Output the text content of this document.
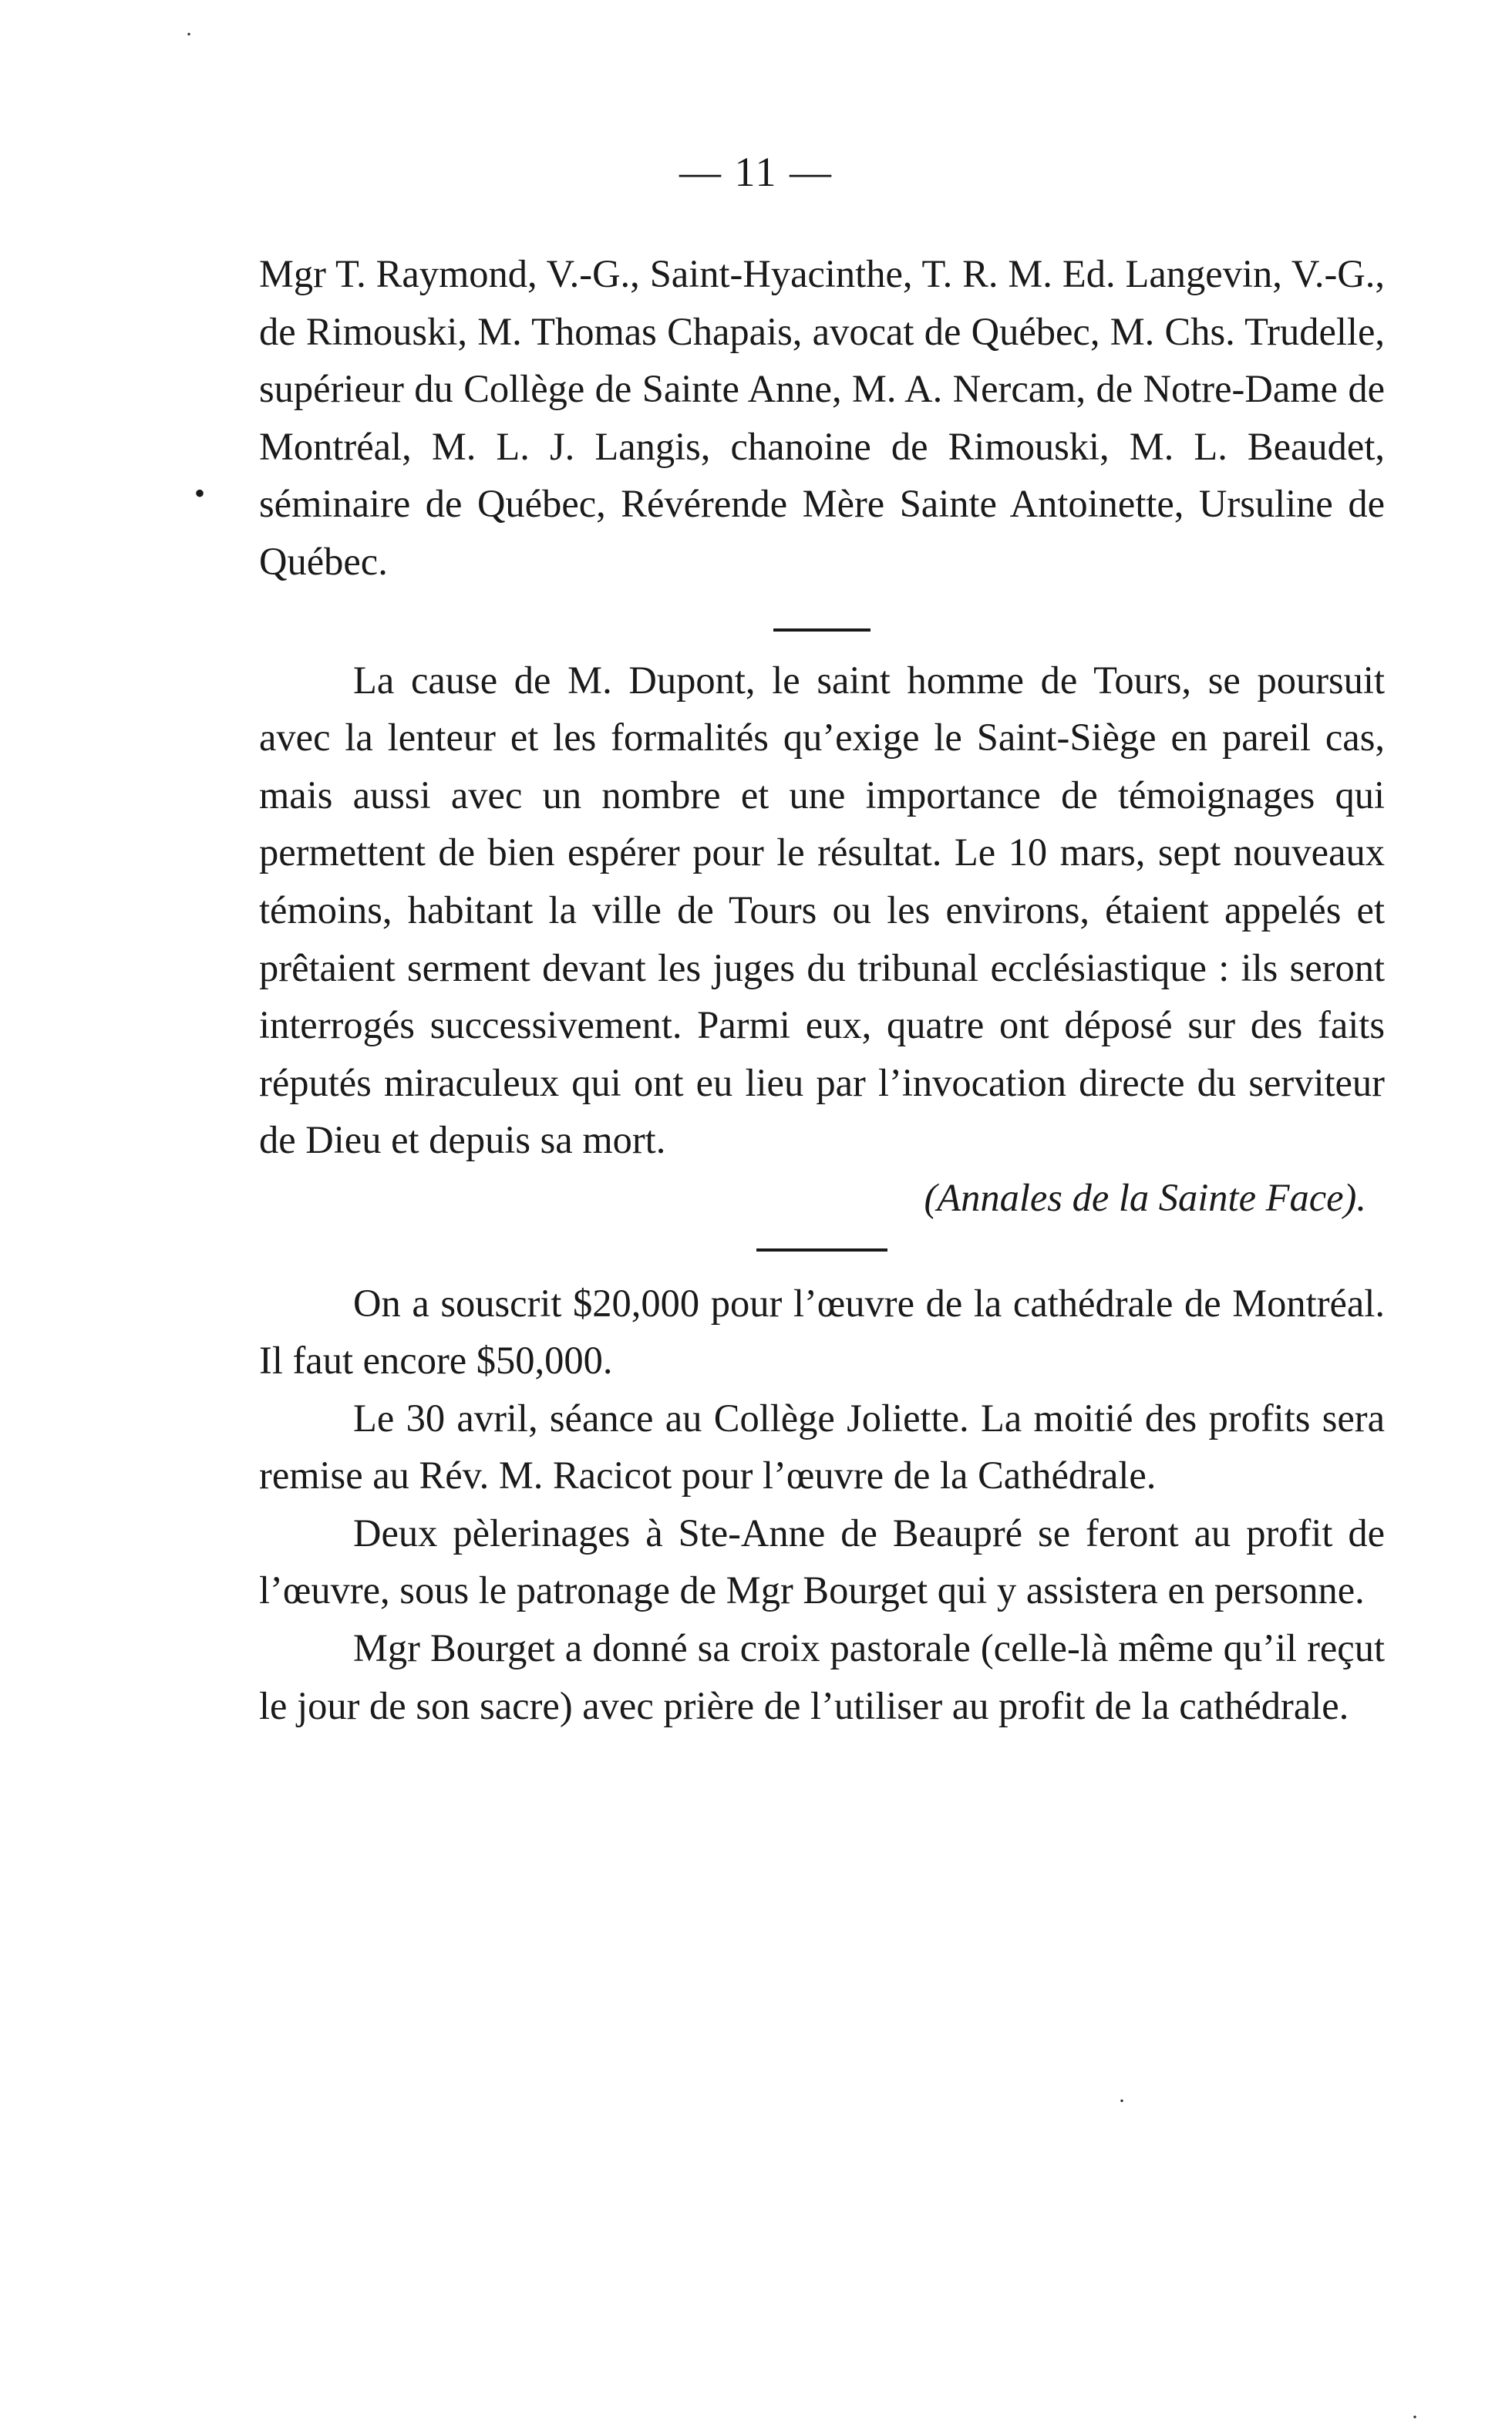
·
·
·
— 11 —
•

Mgr T. Raymond, V.-G., Saint-Hyacinthe, T. R. M. Ed. Langevin, V.-G., de Rimouski, M. Thomas Chapais, avocat de Québec, M. Chs. Trudelle, supérieur du Collège de Sainte Anne, M. A. Nercam, de Notre-Dame de Montréal, M. L. J. Langis, chanoine de Rimouski, M. L. Beaudet, séminaire de Québec, Révérende Mère Sainte Antoinette, Ursuline de Québec.

La cause de M. Dupont, le saint homme de Tours, se poursuit avec la lenteur et les formalités qu’exige le Saint-Siège en pareil cas, mais aussi avec un nombre et une importance de témoignages qui permettent de bien espérer pour le résultat. Le 10 mars, sept nouveaux témoins, habitant la ville de Tours ou les environs, étaient appelés et prêtaient serment devant les juges du tribunal ecclésiastique : ils seront interrogés successivement. Parmi eux, quatre ont déposé sur des faits réputés miraculeux qui ont eu lieu par l’invocation directe du serviteur de Dieu et depuis sa mort.

(Annales de la Sainte Face).

On a souscrit $20,000 pour l’œuvre de la cathédrale de Montréal. Il faut encore $50,000.

Le 30 avril, séance au Collège Joliette. La moitié des profits sera remise au Rév. M. Racicot pour l’œuvre de la Cathédrale.

Deux pèlerinages à Ste-Anne de Beaupré se feront au profit de l’œuvre, sous le patronage de Mgr Bourget qui y assistera en personne.

Mgr Bourget a donné sa croix pastorale (celle-là même qu’il reçut le jour de son sacre) avec prière de l’utiliser au profit de la cathédrale.
